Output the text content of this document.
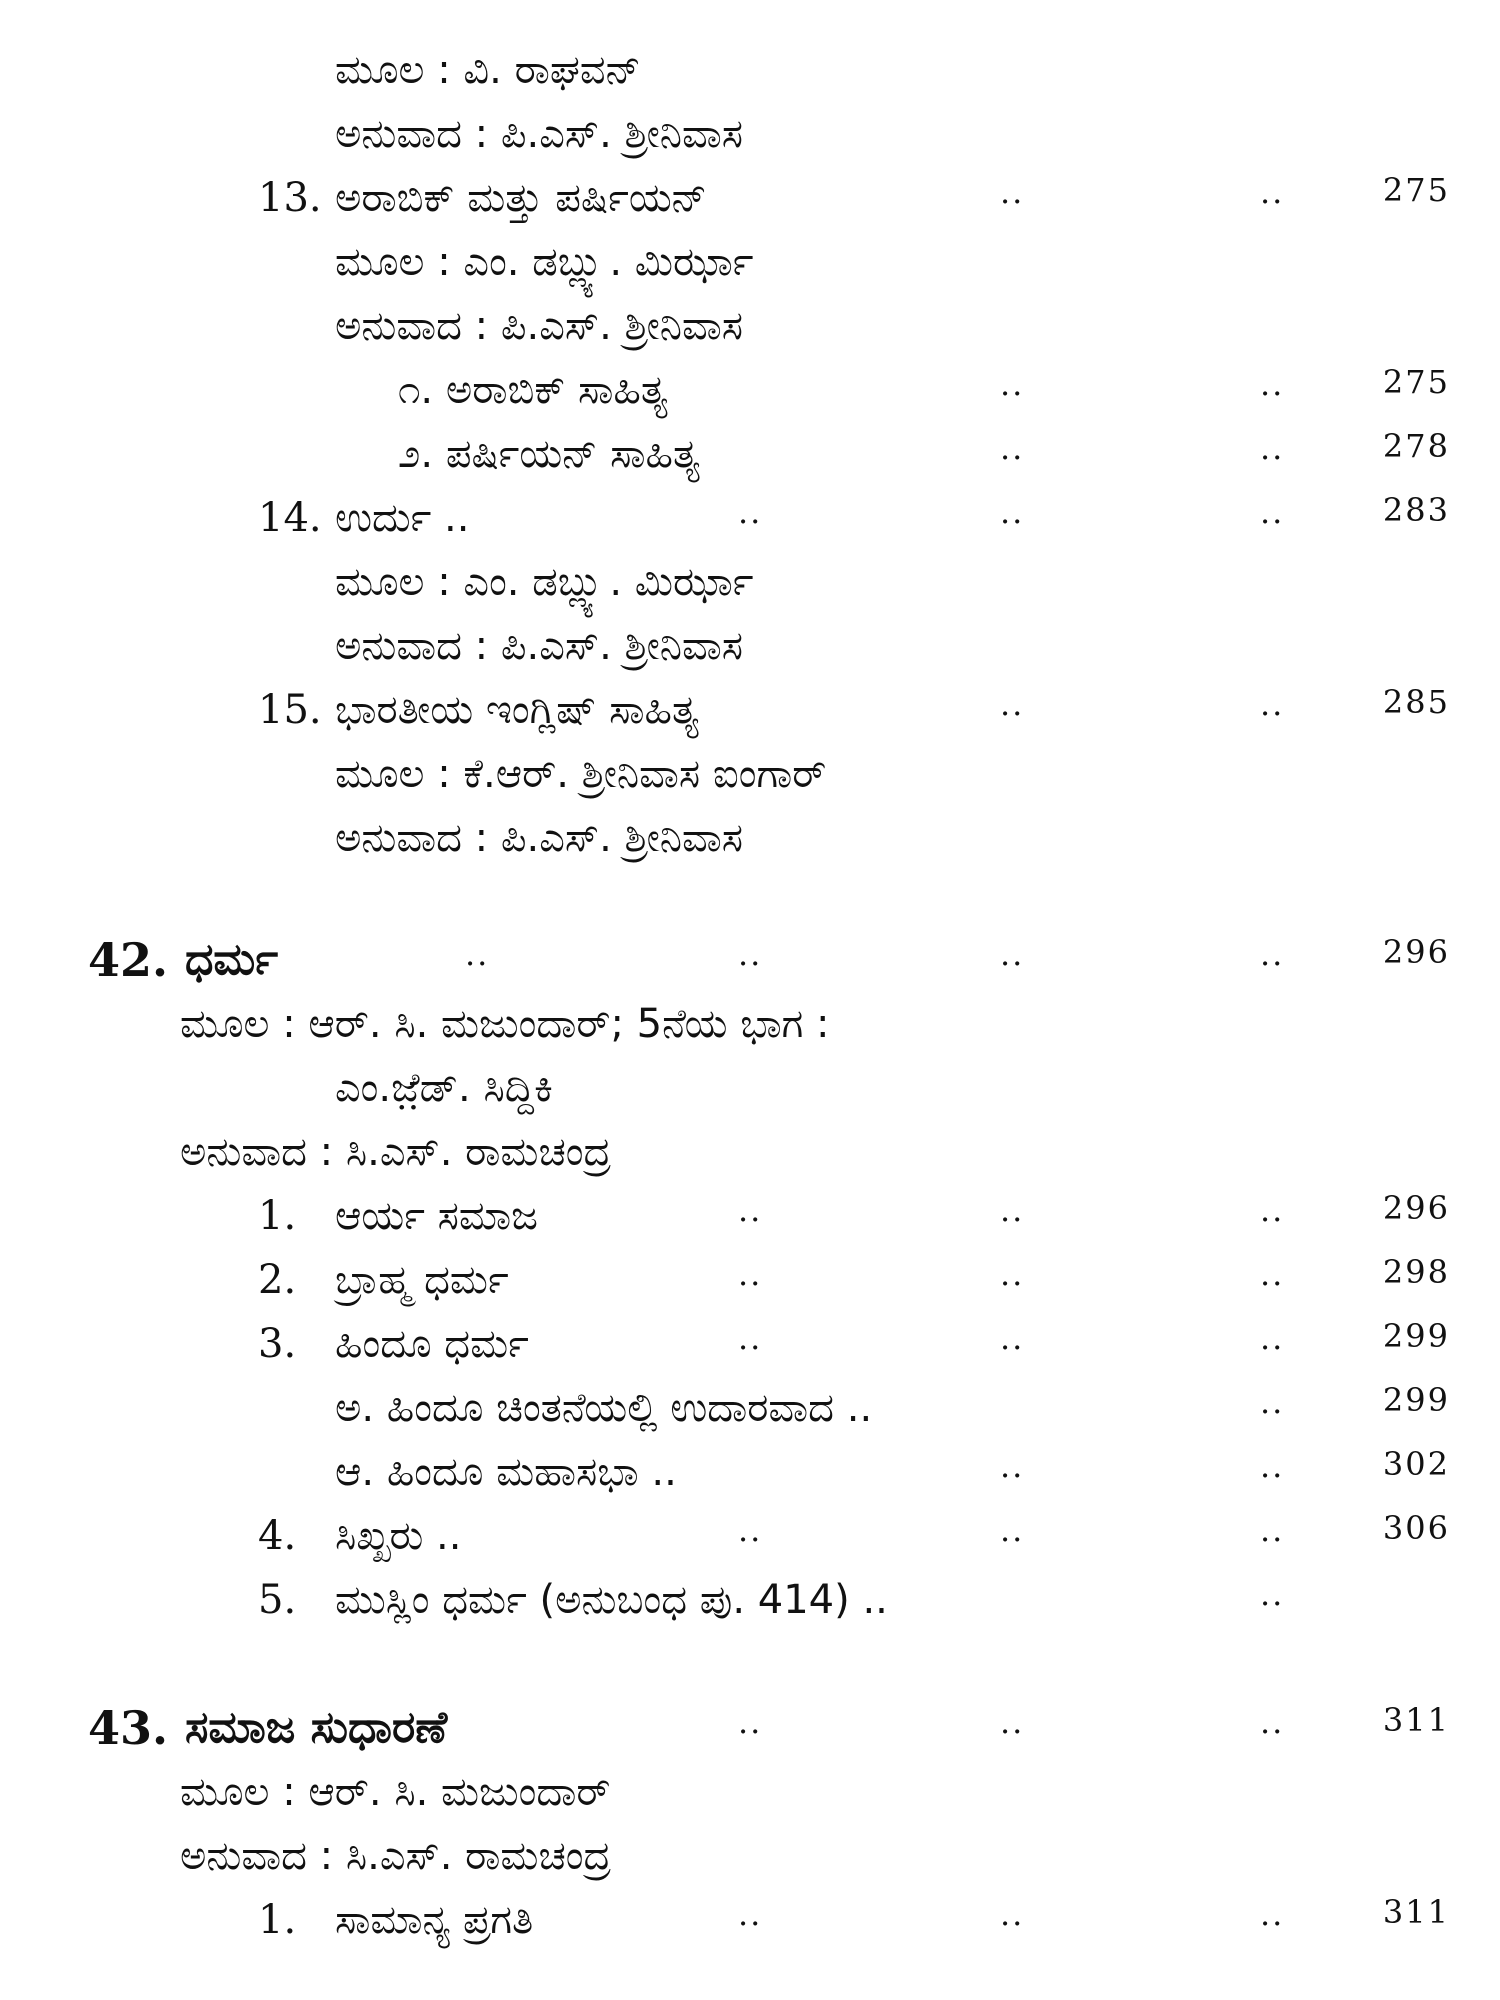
ಮೂಲ : ವಿ. ರಾಘವನ್
ಅನುವಾದ : ಪಿ.ಎಸ್. ಶ್ರೀನಿವಾಸ
13. ಅರಾಬಿಕ್ ಮತ್ತು ಪರ್ಷಿಯನ್	..	..	275
ಮೂಲ : ಎಂ. ಡಬ್ಲ್ಯು. ಮಿರ್ಝಾ
ಅನುವಾದ : ಪಿ.ಎಸ್. ಶ್ರೀನಿವಾಸ
೧. ಅರಾಬಿಕ್ ಸಾಹಿತ್ಯ	..	..	275
೨. ಪರ್ಷಿಯನ್ ಸಾಹಿತ್ಯ	..	..	278
14. ಉರ್ದು ..	..	..	..	283
ಮೂಲ : ಎಂ. ಡಬ್ಲ್ಯು. ಮಿರ್ಝಾ
ಅನುವಾದ : ಪಿ.ಎಸ್. ಶ್ರೀನಿವಾಸ
15. ಭಾರತೀಯ ಇಂಗ್ಲಿಷ್ ಸಾಹಿತ್ಯ	..	..	285
ಮೂಲ : ಕೆ.ಆರ್. ಶ್ರೀನಿವಾಸ ಐಂಗಾರ್
ಅನುವಾದ : ಪಿ.ಎಸ್. ಶ್ರೀನಿವಾಸ
42. ಧರ್ಮ	..	..	..	..	296
ಮೂಲ : ಆರ್. ಸಿ. ಮಜುಂದಾರ್; 5ನೆಯ ಭಾಗ :
ಎಂ.ಜ಼ೆಡ್. ಸಿದ್ದಿಕಿ
ಅನುವಾದ : ಸಿ.ಎಸ್. ರಾಮಚಂದ್ರ
1. ಆರ್ಯ ಸಮಾಜ	..	..	..	296
2. ಬ್ರಾಹ್ಮ ಧರ್ಮ	..	..	..	298
3. ಹಿಂದೂ ಧರ್ಮ	..	..	..	299
ಅ. ಹಿಂದೂ ಚಿಂತನೆಯಲ್ಲಿ ಉದಾರವಾದ ..	..	299
ಆ. ಹಿಂದೂ ಮಹಾಸಭಾ ..	..	..	302
4. ಸಿಖ್ಖರು ..	..	..	..	306
5. ಮುಸ್ಲಿಂ ಧರ್ಮ (ಅನುಬಂಧ ಪು. 414) ..	..
43. ಸಮಾಜ ಸುಧಾರಣೆ	..	..	..	311
ಮೂಲ : ಆರ್. ಸಿ. ಮಜುಂದಾರ್
ಅನುವಾದ : ಸಿ.ಎಸ್. ರಾಮಚಂದ್ರ
1. ಸಾಮಾನ್ಯ ಪ್ರಗತಿ	..	..	..	311
